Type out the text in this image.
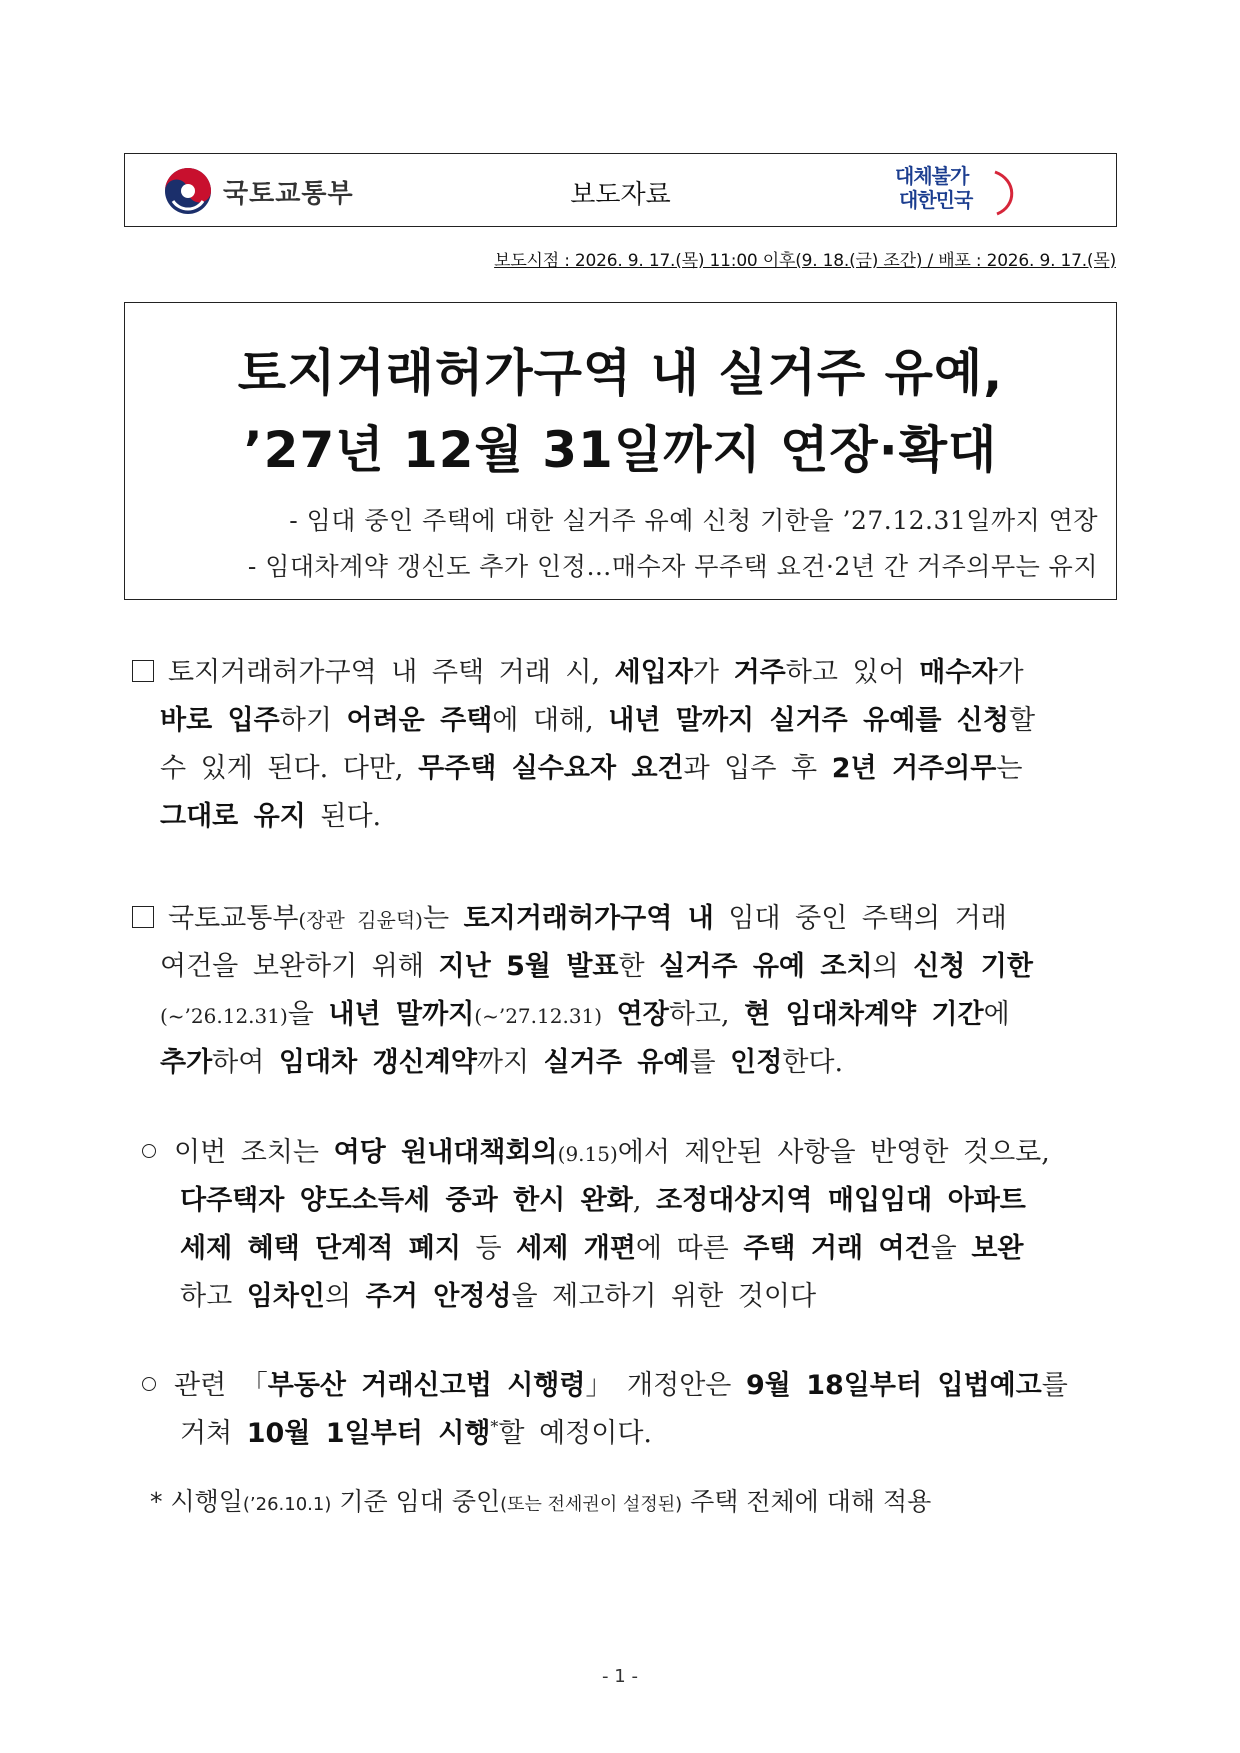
국토교통부	보도자료
대체불가
대한민국
보도시점 : 2026. 9. 17.(목) 11:00 이후(9. 18.(금) 조간) / 배포 : 2026. 9. 17.(목)
토지거래허가구역 내 실거주 유예,
’27년 12월 31일까지 연장·확대
- 임대 중인 주택에 대한 실거주 유예 신청 기한을 ’27.12.31일까지 연장
- 임대차계약 갱신도 추가 인정…매수자 무주택 요건·2년 간 거주의무는 유지
토지거래허가구역 내 주택 거래 시, 세입자가 거주하고 있어 매수자가
바로 입주하기 어려운 주택에 대해, 내년 말까지 실거주 유예를 신청할
수 있게 된다. 다만, 무주택 실수요자 요건과 입주 후 2년 거주의무는
그대로 유지 된다.
국토교통부(장관 김윤덕)는 토지거래허가구역 내 임대 중인 주택의 거래
여건을 보완하기 위해 지난 5월 발표한 실거주 유예 조치의 신청 기한
(~’26.12.31)을 내년 말까지(~’27.12.31) 연장하고, 현 임대차계약 기간에
추가하여 임대차 갱신계약까지 실거주 유예를 인정한다.
이번 조치는 여당 원내대책회의(9.15)에서 제안된 사항을 반영한 것으로,
다주택자 양도소득세 중과 한시 완화, 조정대상지역 매입임대 아파트
세제 혜택 단계적 폐지 등 세제 개편에 따른 주택 거래 여건을 보완
하고 임차인의 주거 안정성을 제고하기 위한 것이다
관련 「부동산 거래신고법 시행령」 개정안은 9월 18일부터 입법예고를
거쳐 10월 1일부터 시행*할 예정이다.
* 시행일(’26.10.1) 기준 임대 중인(또는 전세권이 설정된) 주택 전체에 대해 적용
- 1 -
